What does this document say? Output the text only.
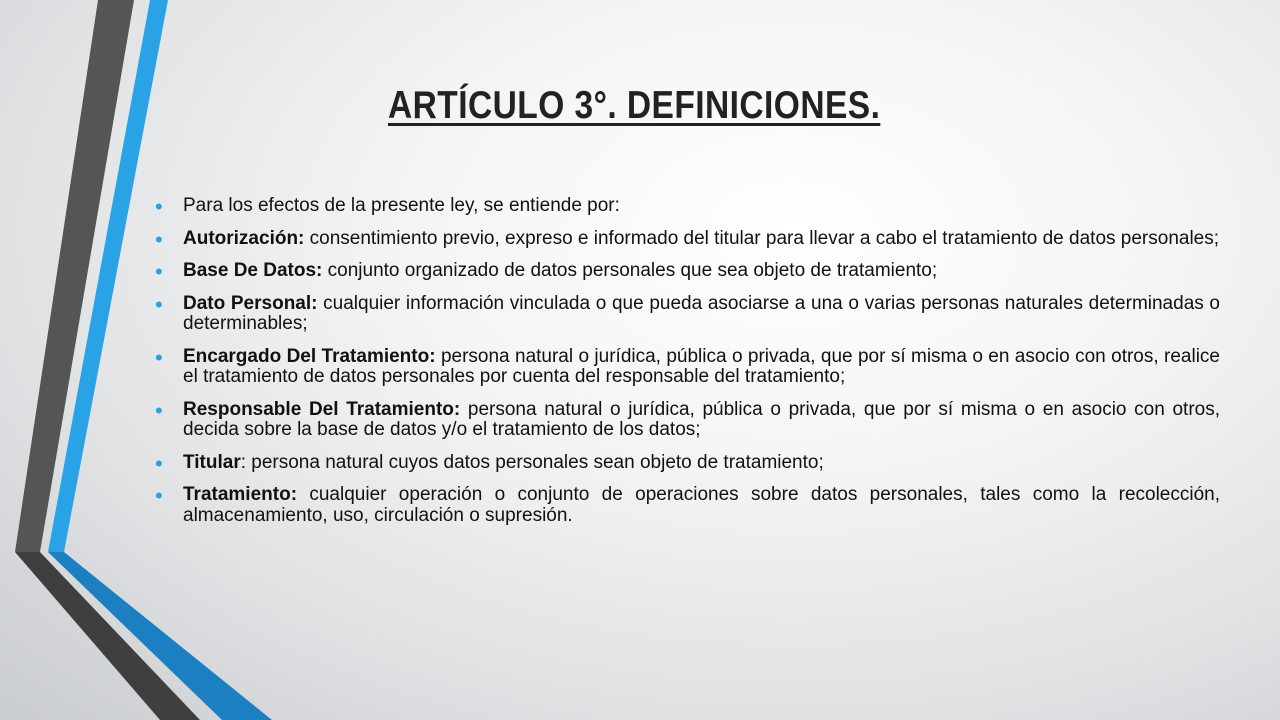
ARTÍCULO 3°. DEFINICIONES.
• Para los efectos de la presente ley, se entiende por:
• Autorización: consentimiento previo, expreso e informado del titular para llevar a cabo el tratamiento de datos personales;
• Base De Datos: conjunto organizado de datos personales que sea objeto de tratamiento;
• Dato Personal: cualquier información vinculada o que pueda asociarse a una o varias personas naturales determinadas o determinables;
• Encargado Del Tratamiento: persona natural o jurídica, pública o privada, que por sí misma o en asocio con otros, realice el tratamiento de datos personales por cuenta del responsable del tratamiento;
• Responsable Del Tratamiento: persona natural o jurídica, pública o privada, que por sí misma o en asocio con otros, decida sobre la base de datos y/o el tratamiento de los datos;
• Titular: persona natural cuyos datos personales sean objeto de tratamiento;
• Tratamiento: cualquier operación o conjunto de operaciones sobre datos personales, tales como la recolección, almacenamiento, uso, circulación o supresión.
